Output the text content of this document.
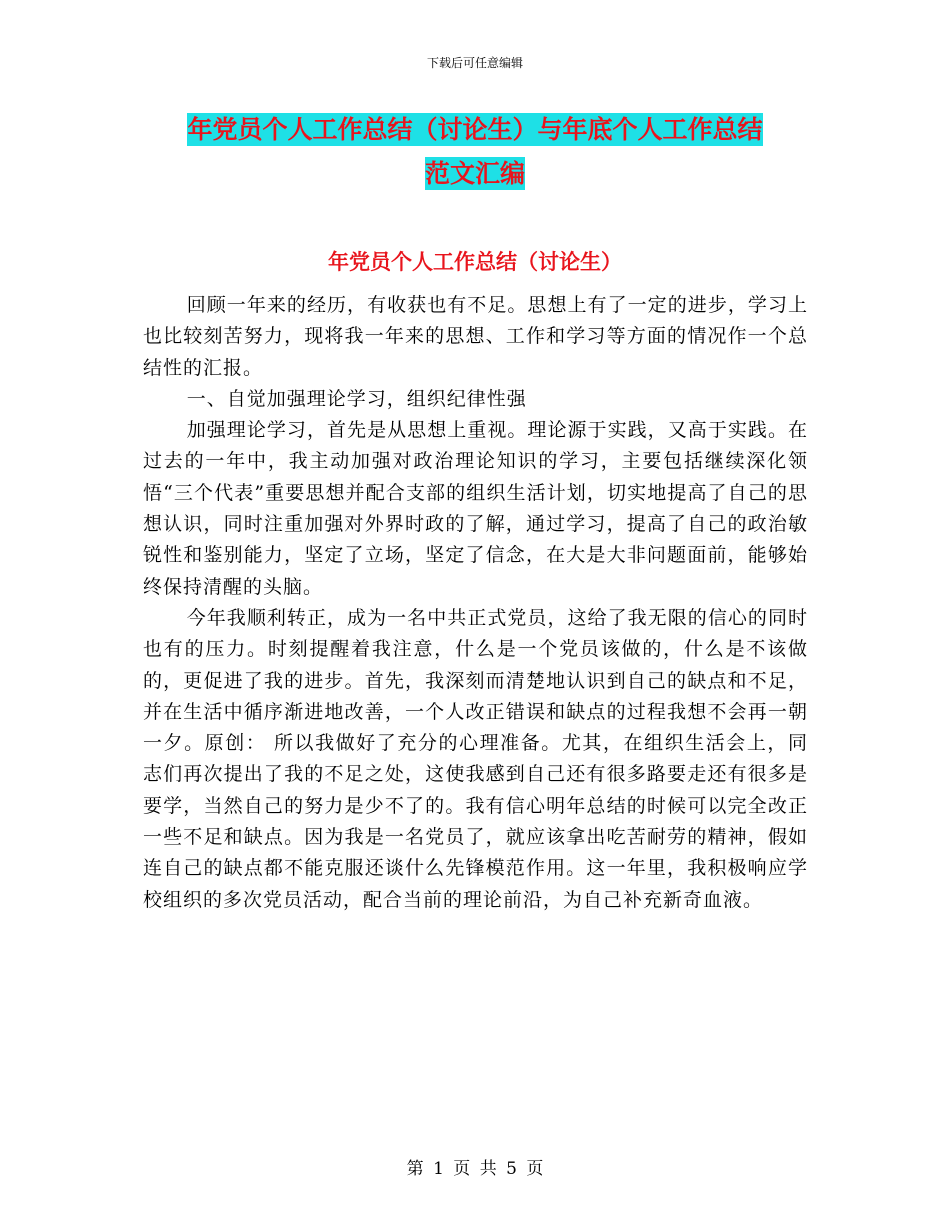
下载后可任意编辑
年党员个人工作总结（讨论生）与年底个人工作总结
范文汇编
年党员个人工作总结（讨论生）

回顾一年来的经历，有收获也有不足。思想上有了一定的进步，学习上也比较刻苦努力，现将我一年来的思想、工作和学习等方面的情况作一个总结性的汇报。

一、自觉加强理论学习，组织纪律性强

加强理论学习，首先是从思想上重视。理论源于实践，又高于实践。在过去的一年中，我主动加强对政治理论知识的学习，主要包括继续深化领悟“三个代表”重要思想并配合支部的组织生活计划，切实地提高了自己的思想认识，同时注重加强对外界时政的了解，通过学习，提高了自己的政治敏锐性和鉴别能力，坚定了立场，坚定了信念，在大是大非问题面前，能够始终保持清醒的头脑。

今年我顺利转正，成为一名中共正式党员，这给了我无限的信心的同时也有的压力。时刻提醒着我注意，什么是一个党员该做的，什么是不该做的，更促进了我的进步。首先，我深刻而清楚地认识到自己的缺点和不足，并在生活中循序渐进地改善，一个人改正错误和缺点的过程我想不会再一朝一夕。原创： 所以我做好了充分的心理准备。尤其，在组织生活会上，同志们再次提出了我的不足之处，这使我感到自己还有很多路要走还有很多是要学，当然自己的努力是少不了的。我有信心明年总结的时候可以完全改正一些不足和缺点。因为我是一名党员了，就应该拿出吃苦耐劳的精神，假如连自己的缺点都不能克服还谈什么先锋模范作用。这一年里，我积极响应学校组织的多次党员活动，配合当前的理论前沿，为自己补充新奇血液。

第 1 页 共 5 页
